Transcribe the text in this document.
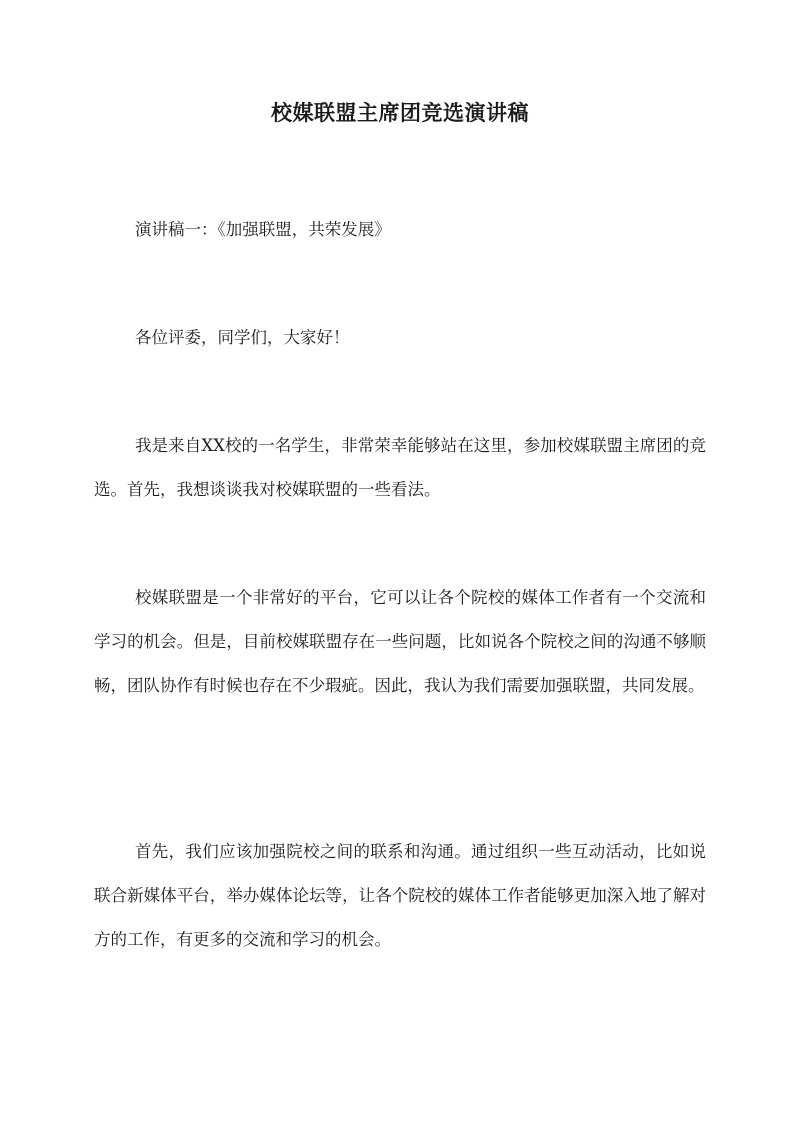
校媒联盟主席团竞选演讲稿

演讲稿一：《加强联盟，共荣发展》

各位评委，同学们，大家好！

我是来自XX校的一名学生，非常荣幸能够站在这里，参加校媒联盟主席团的竞选。首先，我想谈谈我对校媒联盟的一些看法。

校媒联盟是一个非常好的平台，它可以让各个院校的媒体工作者有一个交流和学习的机会。但是，目前校媒联盟存在一些问题，比如说各个院校之间的沟通不够顺畅，团队协作有时候也存在不少瑕疵。因此，我认为我们需要加强联盟，共同发展。

首先，我们应该加强院校之间的联系和沟通。通过组织一些互动活动，比如说联合新媒体平台，举办媒体论坛等，让各个院校的媒体工作者能够更加深入地了解对方的工作，有更多的交流和学习的机会。
